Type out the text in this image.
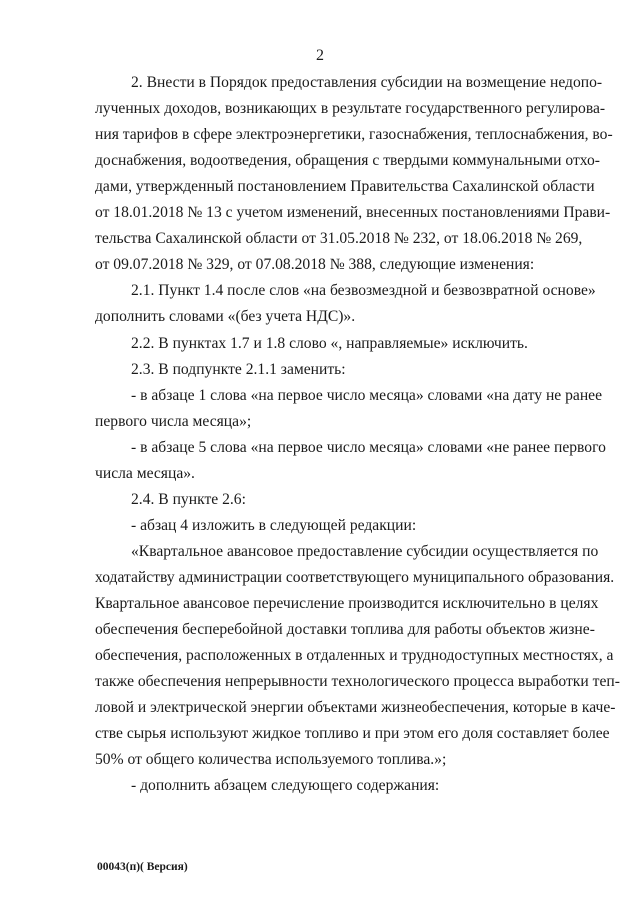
2
2. Внести в Порядок предоставления субсидии на возмещение недопо-
лученных доходов, возникающих в результате государственного регулирова-
ния тарифов в сфере электроэнергетики, газоснабжения, теплоснабжения, во-
доснабжения, водоотведения, обращения с твердыми коммунальными отхо-
дами, утвержденный постановлением Правительства Сахалинской области
от 18.01.2018 № 13 с учетом изменений, внесенных постановлениями Прави-
тельства Сахалинской области от 31.05.2018 № 232, от 18.06.2018 № 269,
от 09.07.2018 № 329, от 07.08.2018 № 388, следующие изменения:
2.1. Пункт 1.4 после слов «на безвозмездной и безвозвратной основе»
дополнить словами «(без учета НДС)».
2.2. В пунктах 1.7 и 1.8 слово «, направляемые» исключить.
2.3. В подпункте 2.1.1 заменить:
- в абзаце 1 слова «на первое число месяца» словами «на дату не ранее
первого числа месяца»;
- в абзаце 5 слова «на первое число месяца» словами «не ранее первого
числа месяца».
2.4. В пункте 2.6:
- абзац 4 изложить в следующей редакции:
«Квартальное авансовое предоставление субсидии осуществляется по
ходатайству администрации соответствующего муниципального образования.
Квартальное авансовое перечисление производится исключительно в целях
обеспечения бесперебойной доставки топлива для работы объектов жизне-
обеспечения, расположенных в отдаленных и труднодоступных местностях, а
также обеспечения непрерывности технологического процесса выработки теп-
ловой и электрической энергии объектами жизнеобеспечения, которые в каче-
стве сырья используют жидкое топливо и при этом его доля составляет более
50% от общего количества используемого топлива.»;
- дополнить абзацем следующего содержания:
00043(п)( Версия)
